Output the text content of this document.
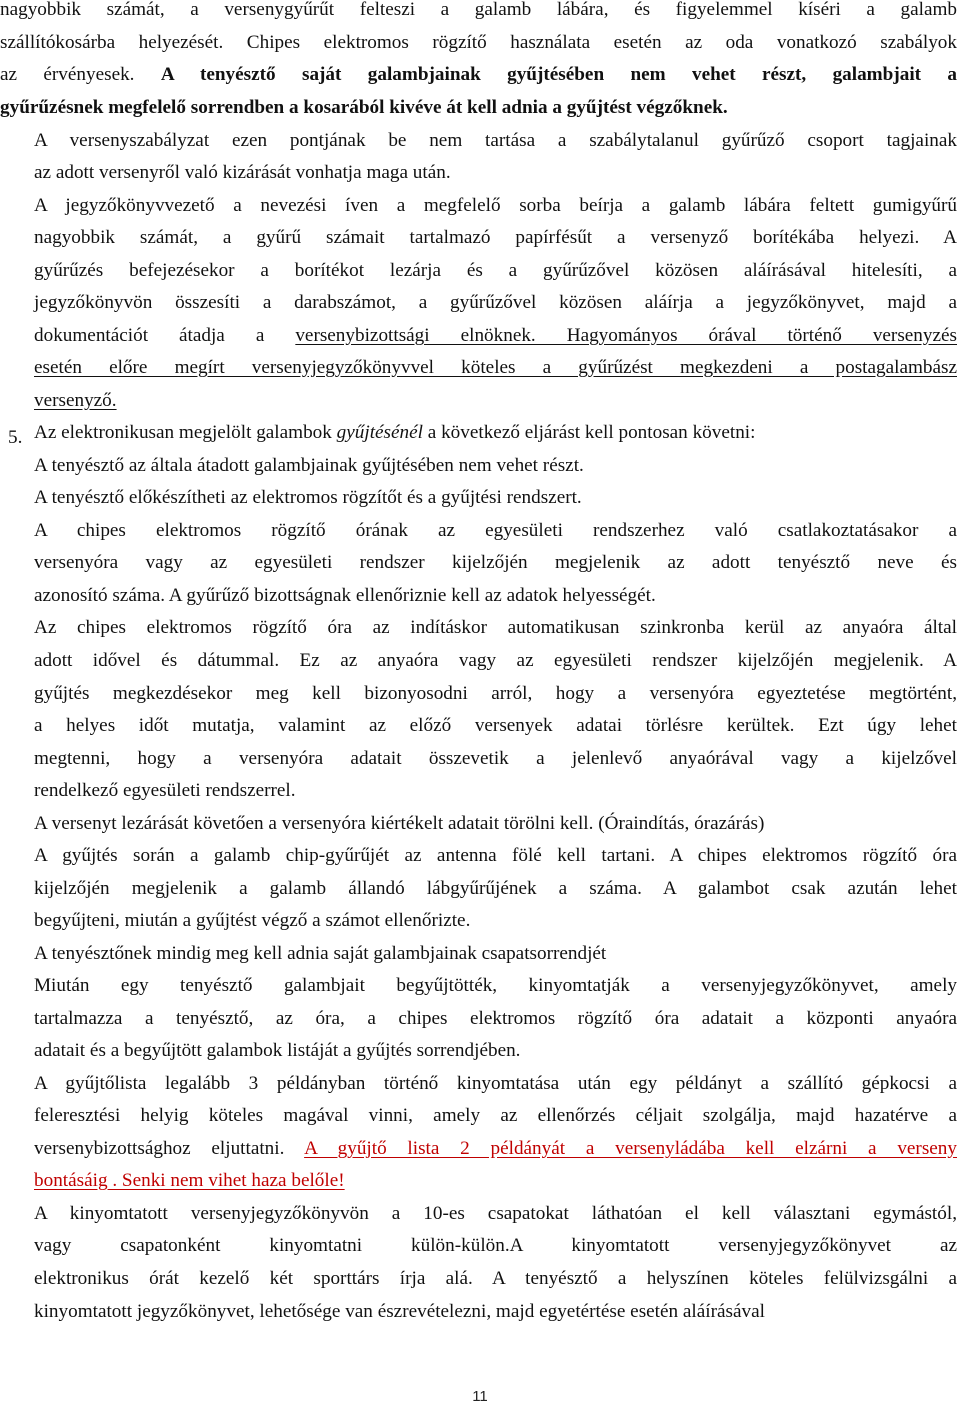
nagyobbik számát, a versenygyűrűt felteszi a galamb lábára, és figyelemmel kíséri a galamb
szállítókosárba helyezését. Chipes elektromos rögzítő használata esetén az oda vonatkozó szabályok
az érvényesek. A tenyésztő saját galambjainak gyűjtésében nem vehet részt, galambjait a
gyűrűzésnek megfelelő sorrendben a kosarából kivéve át kell adnia a gyűjtést végzőknek.
A versenyszabályzat ezen pontjának be nem tartása a szabálytalanul gyűrűző csoport tagjainak
az adott versenyről való kizárását vonhatja maga után.
A jegyzőkönyvvezető a nevezési íven a megfelelő sorba beírja a galamb lábára feltett gumigyűrű
nagyobbik számát, a gyűrű számait tartalmazó papírfésűt a versenyző borítékába helyezi. A
gyűrűzés befejezésekor a borítékot lezárja és a gyűrűzővel közösen aláírásával hitelesíti, a
jegyzőkönyvön összesíti a darabszámot, a gyűrűzővel közösen aláírja a jegyzőkönyvet, majd a
dokumentációt átadja a versenybizottsági elnöknek. Hagyományos órával történő versenyzés
esetén előre megírt versenyjegyzőkönyvvel köteles a gyűrűzést megkezdeni a postagalambász
versenyző.
Az elektronikusan megjelölt galambok gyűjtésénél a következő eljárást kell pontosan követni:
A tenyésztő az általa átadott galambjainak gyűjtésében nem vehet részt.
A tenyésztő előkészítheti az elektromos rögzítőt és a gyűjtési rendszert.
A chipes elektromos rögzítő órának az egyesületi rendszerhez való csatlakoztatásakor a
versenyóra vagy az egyesületi rendszer kijelzőjén megjelenik az adott tenyésztő neve és
azonosító száma. A gyűrűző bizottságnak ellenőriznie kell az adatok helyességét.
Az chipes elektromos rögzítő óra az indításkor automatikusan szinkronba kerül az anyaóra által
adott idővel és dátummal. Ez az anyaóra vagy az egyesületi rendszer kijelzőjén megjelenik. A
gyűjtés megkezdésekor meg kell bizonyosodni arról, hogy a versenyóra egyeztetése megtörtént,
a helyes időt mutatja, valamint az előző versenyek adatai törlésre kerültek. Ezt úgy lehet
megtenni, hogy a versenyóra adatait összevetik a jelenlevő anyaórával vagy a kijelzővel
rendelkező egyesületi rendszerrel.
A versenyt lezárását követően a versenyóra kiértékelt adatait törölni kell. (Óraindítás, órazárás)
A gyűjtés során a galamb chip-gyűrűjét az antenna fölé kell tartani. A chipes elektromos rögzítő óra
kijelzőjén megjelenik a galamb állandó lábgyűrűjének a száma. A galambot csak azután lehet
begyűjteni, miután a gyűjtést végző a számot ellenőrizte.
A tenyésztőnek mindig meg kell adnia saját galambjainak csapatsorrendjét
Miután egy tenyésztő galambjait begyűjtötték, kinyomtatják a versenyjegyzőkönyvet, amely
tartalmazza a tenyésztő, az óra, a chipes elektromos rögzítő óra adatait a központi anyaóra
adatait és a begyűjtött galambok listáját a gyűjtés sorrendjében.
A gyűjtőlista legalább 3 példányban történő kinyomtatása után egy példányt a szállító gépkocsi a
feleresztési helyig köteles magával vinni, amely az ellenőrzés céljait szolgálja, majd hazatérve a
versenybizottsághoz eljuttatni. A gyűjtő lista 2 példányát a versenyládába kell elzárni a verseny
bontásáig . Senki nem vihet haza belőle!
A kinyomtatott versenyjegyzőkönyvön a 10-es csapatokat láthatóan el kell választani egymástól,
vagy csapatonként kinyomtatni külön-külön.A kinyomtatott versenyjegyzőkönyvet az
elektronikus órát kezelő két sporttárs írja alá. A tenyésztő a helyszínen köteles felülvizsgálni a
kinyomtatott jegyzőkönyvet, lehetősége van észrevételezni, majd egyetértése esetén aláírásával
5.
11
